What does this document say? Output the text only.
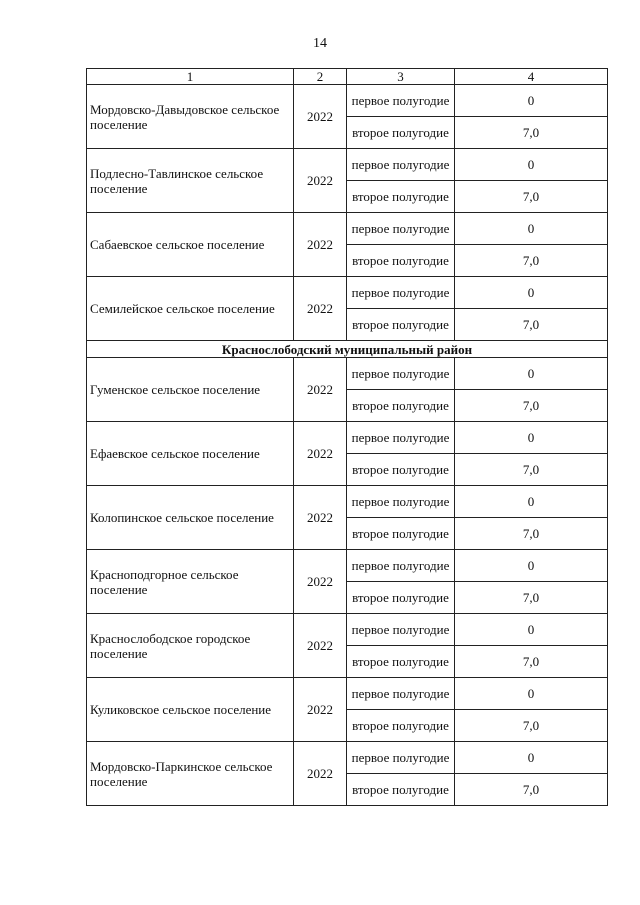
14
1	2	3	4
Мордовско-Давыдовское сельское поселение	2022	первое полугодие	0
		второе полугодие	7,0
Подлесно-Тавлинское сельское поселение	2022	первое полугодие	0
		второе полугодие	7,0
Сабаевское сельское поселение	2022	первое полугодие	0
		второе полугодие	7,0
Семилейское сельское поселение	2022	первое полугодие	0
		второе полугодие	7,0
Краснослободский муниципальный район			
Гуменское сельское поселение	2022	первое полугодие	0
		второе полугодие	7,0
Ефаевское сельское поселение	2022	первое полугодие	0
		второе полугодие	7,0
Колопинское сельское поселение	2022	первое полугодие	0
		второе полугодие	7,0
Красноподгорное сельское поселение	2022	первое полугодие	0
		второе полугодие	7,0
Краснослободское городское поселение	2022	первое полугодие	0
		второе полугодие	7,0
Куликовское сельское поселение	2022	первое полугодие	0
		второе полугодие	7,0
Мордовско-Паркинское сельское поселение	2022	первое полугодие	0
		второе полугодие	7,0
